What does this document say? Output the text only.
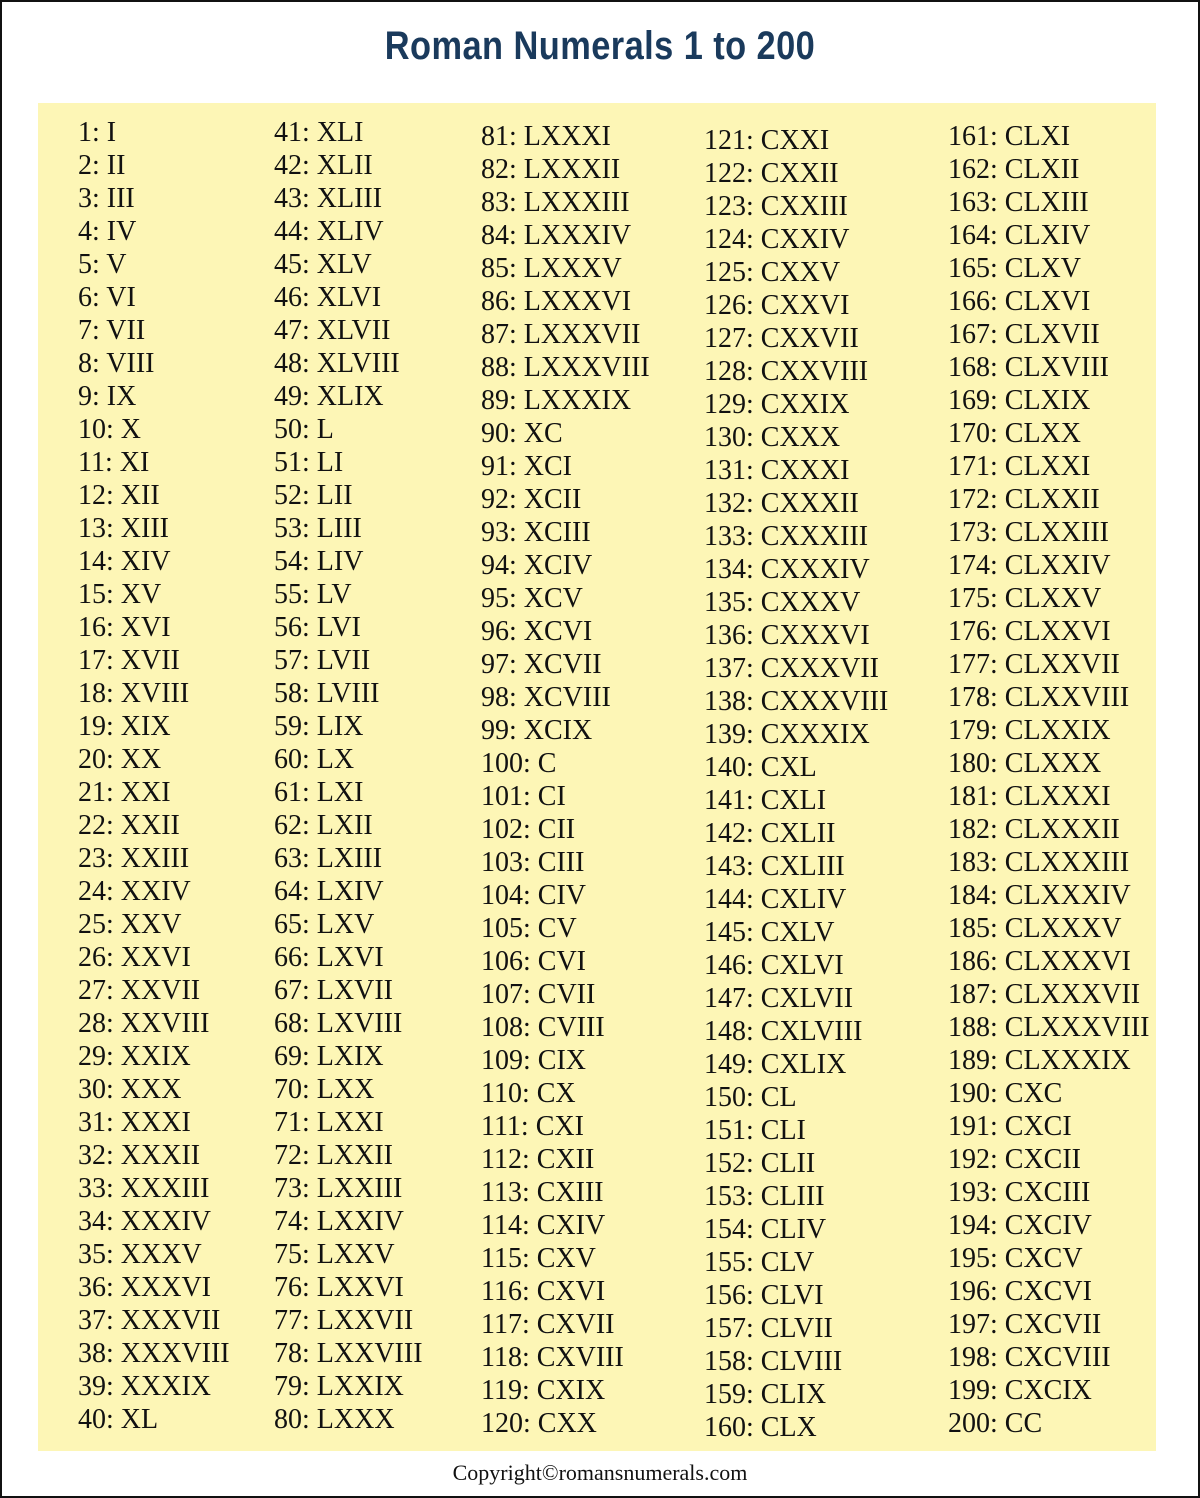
Roman Numerals 1 to 200
1: I
2: II
3: III
4: IV
5: V
6: VI
7: VII
8: VIII
9: IX
10: X
11: XI
12: XII
13: XIII
14: XIV
15: XV
16: XVI
17: XVII
18: XVIII
19: XIX
20: XX
21: XXI
22: XXII
23: XXIII
24: XXIV
25: XXV
26: XXVI
27: XXVII
28: XXVIII
29: XXIX
30: XXX
31: XXXI
32: XXXII
33: XXXIII
34: XXXIV
35: XXXV
36: XXXVI
37: XXXVII
38: XXXVIII
39: XXXIX
40: XL
41: XLI
42: XLII
43: XLIII
44: XLIV
45: XLV
46: XLVI
47: XLVII
48: XLVIII
49: XLIX
50: L
51: LI
52: LII
53: LIII
54: LIV
55: LV
56: LVI
57: LVII
58: LVIII
59: LIX
60: LX
61: LXI
62: LXII
63: LXIII
64: LXIV
65: LXV
66: LXVI
67: LXVII
68: LXVIII
69: LXIX
70: LXX
71: LXXI
72: LXXII
73: LXXIII
74: LXXIV
75: LXXV
76: LXXVI
77: LXXVII
78: LXXVIII
79: LXXIX
80: LXXX
81: LXXXI
82: LXXXII
83: LXXXIII
84: LXXXIV
85: LXXXV
86: LXXXVI
87: LXXXVII
88: LXXXVIII
89: LXXXIX
90: XC
91: XCI
92: XCII
93: XCIII
94: XCIV
95: XCV
96: XCVI
97: XCVII
98: XCVIII
99: XCIX
100: C
101: CI
102: CII
103: CIII
104: CIV
105: CV
106: CVI
107: CVII
108: CVIII
109: CIX
110: CX
111: CXI
112: CXII
113: CXIII
114: CXIV
115: CXV
116: CXVI
117: CXVII
118: CXVIII
119: CXIX
120: CXX
121: CXXI
122: CXXII
123: CXXIII
124: CXXIV
125: CXXV
126: CXXVI
127: CXXVII
128: CXXVIII
129: CXXIX
130: CXXX
131: CXXXI
132: CXXXII
133: CXXXIII
134: CXXXIV
135: CXXXV
136: CXXXVI
137: CXXXVII
138: CXXXVIII
139: CXXXIX
140: CXL
141: CXLI
142: CXLII
143: CXLIII
144: CXLIV
145: CXLV
146: CXLVI
147: CXLVII
148: CXLVIII
149: CXLIX
150: CL
151: CLI
152: CLII
153: CLIII
154: CLIV
155: CLV
156: CLVI
157: CLVII
158: CLVIII
159: CLIX
160: CLX
161: CLXI
162: CLXII
163: CLXIII
164: CLXIV
165: CLXV
166: CLXVI
167: CLXVII
168: CLXVIII
169: CLXIX
170: CLXX
171: CLXXI
172: CLXXII
173: CLXXIII
174: CLXXIV
175: CLXXV
176: CLXXVI
177: CLXXVII
178: CLXXVIII
179: CLXXIX
180: CLXXX
181: CLXXXI
182: CLXXXII
183: CLXXXIII
184: CLXXXIV
185: CLXXXV
186: CLXXXVI
187: CLXXXVII
188: CLXXXVIII
189: CLXXXIX
190: CXC
191: CXCI
192: CXCII
193: CXCIII
194: CXCIV
195: CXCV
196: CXCVI
197: CXCVII
198: CXCVIII
199: CXCIX
200: CC
Copyright©romansnumerals.com
